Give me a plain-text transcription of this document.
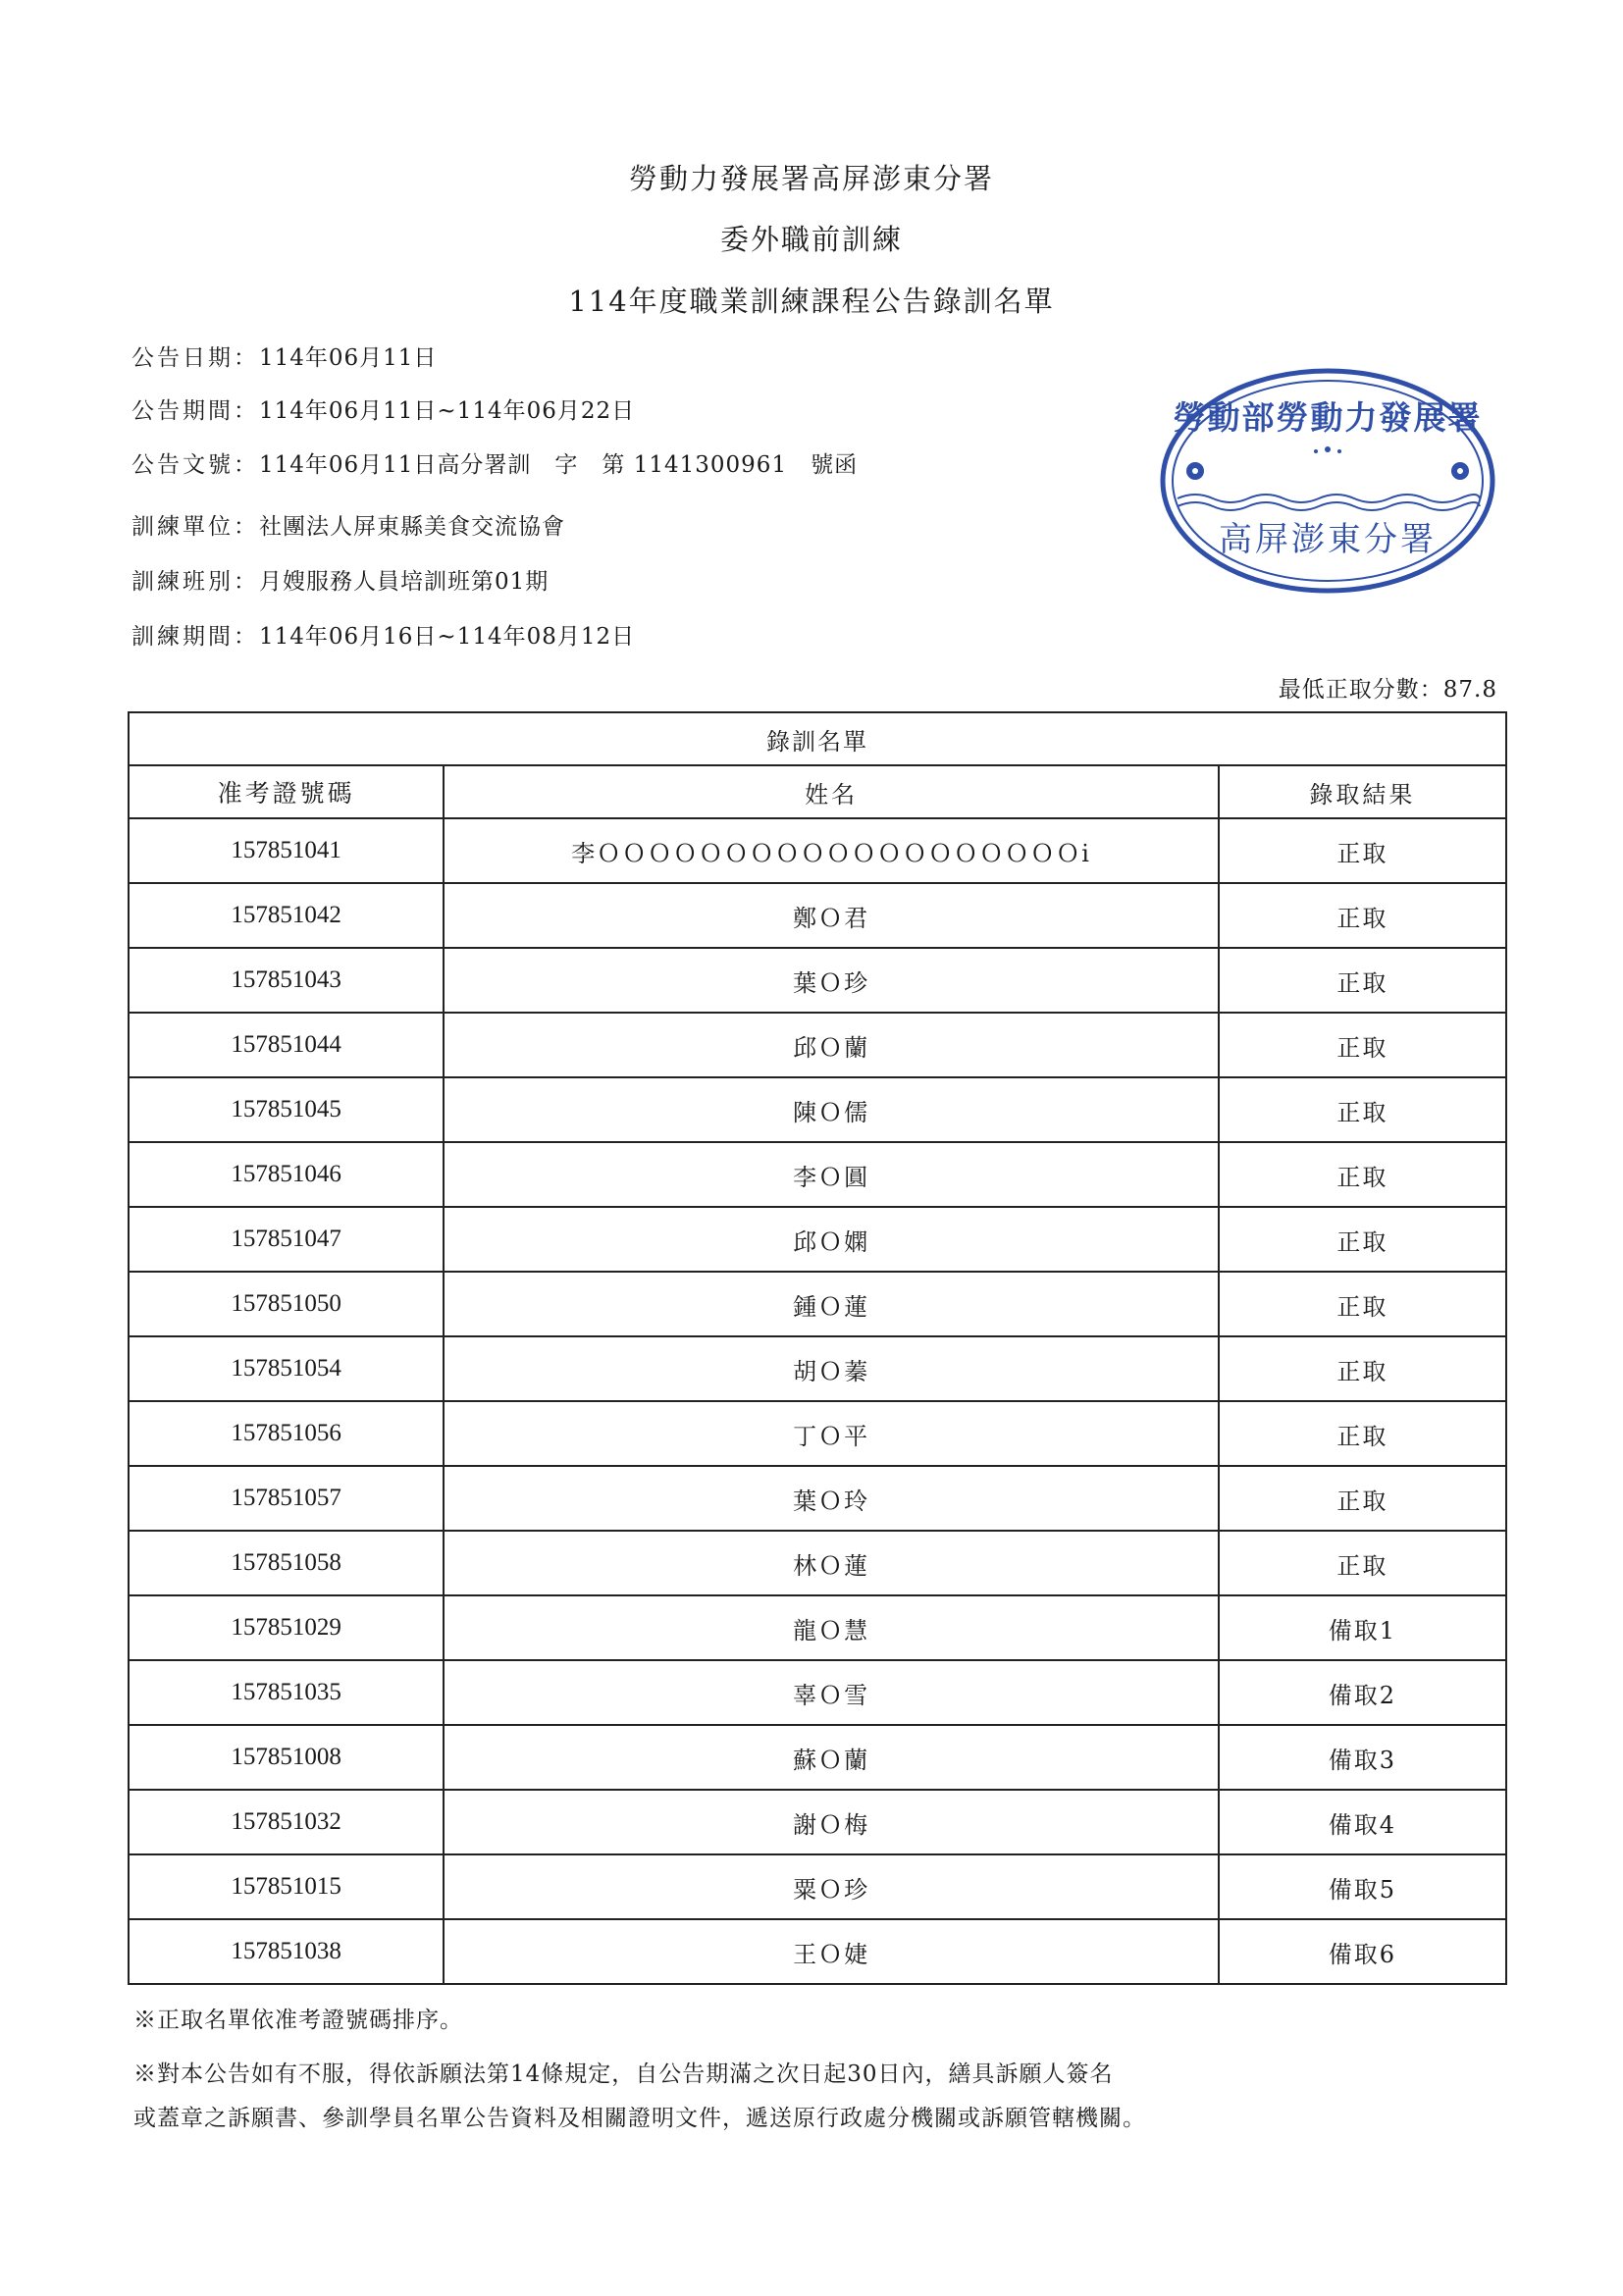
勞動力發展署高屏澎東分署
委外職前訓練
114年度職業訓練課程公告錄訓名單
公告日期：114年06月11日
公告期間：114年06月11日~114年06月22日
公告文號：114年06月11日高分署訓　字　第 1141300961　號函
訓練單位：社團法人屏東縣美食交流協會
訓練班別：月嫂服務人員培訓班第01期
訓練期間：114年06月16日~114年08月12日
勞動部勞動力發展署
高屏澎東分署
最低正取分數：87.8
錄訓名單		
准考證號碼	姓名	錄取結果
157851041	李ＯＯＯＯＯＯＯＯＯＯＯＯＯＯＯＯＯＯＯi	正取
157851042	鄭Ｏ君	正取
157851043	葉Ｏ珍	正取
157851044	邱Ｏ蘭	正取
157851045	陳Ｏ儒	正取
157851046	李Ｏ圓	正取
157851047	邱Ｏ嫻	正取
157851050	鍾Ｏ蓮	正取
157851054	胡Ｏ蓁	正取
157851056	丁Ｏ平	正取
157851057	葉Ｏ玲	正取
157851058	林Ｏ蓮	正取
157851029	龍Ｏ慧	備取1
157851035	辜Ｏ雪	備取2
157851008	蘇Ｏ蘭	備取3
157851032	謝Ｏ梅	備取4
157851015	粟Ｏ珍	備取5
157851038	王Ｏ婕	備取6
※正取名單依准考證號碼排序。
※對本公告如有不服，得依訴願法第14條規定，自公告期滿之次日起30日內，繕具訴願人簽名
或蓋章之訴願書、參訓學員名單公告資料及相關證明文件，遞送原行政處分機關或訴願管轄機關。
